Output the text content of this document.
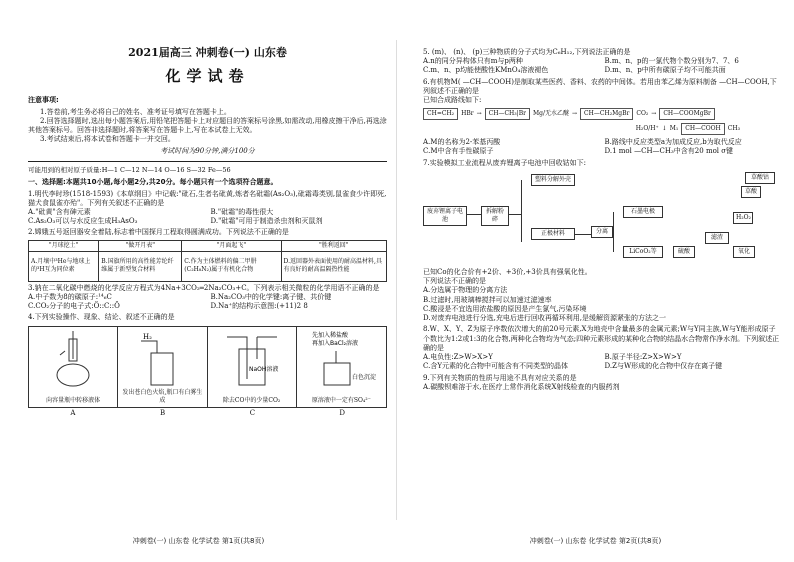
2021届高三 冲刺卷(一) 山东卷
化学试卷
注意事项:

1.答卷前,考生务必将自己的姓名、准考证号填写在答题卡上。

2.回答选择题时,选出每小题答案后,用铅笔把答题卡上对应题目的答案标号涂黑,如需改动,用橡皮擦干净后,再选涂其他答案标号。回答非选择题时,将答案写在答题卡上,写在本试卷上无效。

3.考试结束后,将本试卷和答题卡一并交回。

考试时间为90分钟,满分100分
可能用到的相对原子质量:H—1 C—12 N—14 O—16 S—32 Fe—56
一、选择题:本题共10小题,每小题2分,共20分。每小题只有一个选项符合题意。
1.明代李时珍(1518-1593)《本草纲目》中记载:"砒石,生者名砒黄,炼者名砒霜(As₂O₃),砒霜毒类别,鼠雀食少许即死,猫犬食鼠雀亦殆"。下列有关叙述不正确的是
A."砒黄"含有砷元素	B."砒霜"的毒性很大
C.As₂O₃可以与水反应生成H₃AsO₃	D."砒霜"可用于制造杀虫剂和灭鼠剂
2.嫦娥五号返回器安全着陆,标志着中国探月工程取得圆满成功。下列说法不正确的是
"月球挖土"	"做开月表"	"月面起飞"	"胜利返回"
A.月壤中³He与地球上的³H互为同位素	B.国旗所用的高性能芳纶纤维属于新型复合材料	C.作为主体燃料的偏二甲肼(C₂H₈N₂)属于有机化合物	D.返回器外表面使用的耐高温材料,具有良好的耐高温隔热性能
3.钠在二氧化碳中燃烧的化学反应方程式为4Na+3CO₂═2Na₂CO₃+C。下列表示相关微粒的化学用语不正确的是
A.中子数为8的碳原子:¹⁴₆C	B.Na₂CO₃中的化学键:离子键、共价键
C.CO₂分子的电子式:Ö::C::Ö	D.Na⁺的结构示意图:(+11)2 8
4.下列实验操作、现象、结论、叙述不正确的是
向容量瓶中转移液体
H₂
发出苍白色火焰,瓶口有白雾生成
NaOH溶液
除去CO中的少量CO₂
先加入稀盐酸
再加入BaCl₂溶液
白色沉淀
原溶液中一定有SO₄²⁻
A	B	C	D
冲刺卷(一) 山东卷 化学试卷 第1页(共8页)
5. (m)、 (n)、 (p)三种物质的分子式均为C₆H₁₂,下列说法正确的是
A.n的同分异构体只有m与p两种	B.m、n、p的一氯代物个数分别为7、7、6
C.m、n、p均能使酸性KMnO₄溶液褪色	D.m、n、p中所有碳原子均不可能共面
6.有机物M( —CH—COOH)是制取某些医药、香料、农药的中间体。若用由苯乙烯为原料制备 —CH—COOH,下列叙述不正确的是
已知合成路线如下:
CH=CH₂	HBr →	CH—CH₃|Br	Mg/无水乙醚 →	CH—CH₂MgBr	CO₂ →	CH—COOMgBr
H₂O/H⁺ ↓ M₁	CH—COOH	CH₃
A.M的名称为2-苯基丙酸	B.路线中反应类型a为加成反应,b为取代反应
C.M中含有手性碳原子	D.1 mol —CH—CH₃中含有20 mol σ键
7.实验模拟工业流程从废弃锂离子电池中回收钴如下:
废弃锂离子电池
拆解粉碎
塑料分解外壳
正极材料	分离
石墨电极
LiCoO₂等	硫酸
滤渣
H₂O₂
氧化
草酸
草酸钴
已知Co的化合价有+2价、+3价,+3价具有强氧化性。
下列说法不正确的是
A.分选属于物理的分离方法
B.过滤时,用玻璃棒搅拌可以加速过滤速率
C.酸浸是不宜选用浓盐酸的原因是产生氯气,污染环境
D.对废弃电池进行分选,充电后进行回收再循环利用,是缓解资源紧张的方法之一
8.W、X、Y、Z为原子序数依次增大的前20号元素,X为地壳中含量最多的金属元素;W与Y同主族,W与Y能形成原子个数比为1:2或1:3的化合物,两种化合物均为气态;四种元素形成的某种化合物的结晶水合物常作净水剂。下列叙述正确的是
A.电负性:Z>W>X>Y	B.原子半径:Z>X>W>Y
C.含Y元素的化合物中可能含有不同类型的晶体	D.Z与W形成的化合物中仅存在离子键
9.下列有关物质的性质与用途不具有对应关系的是
A.碳酸钡难溶于水,在医疗上常作消化系统X射线检查的内服药剂
冲刺卷(一) 山东卷 化学试卷 第2页(共8页)
